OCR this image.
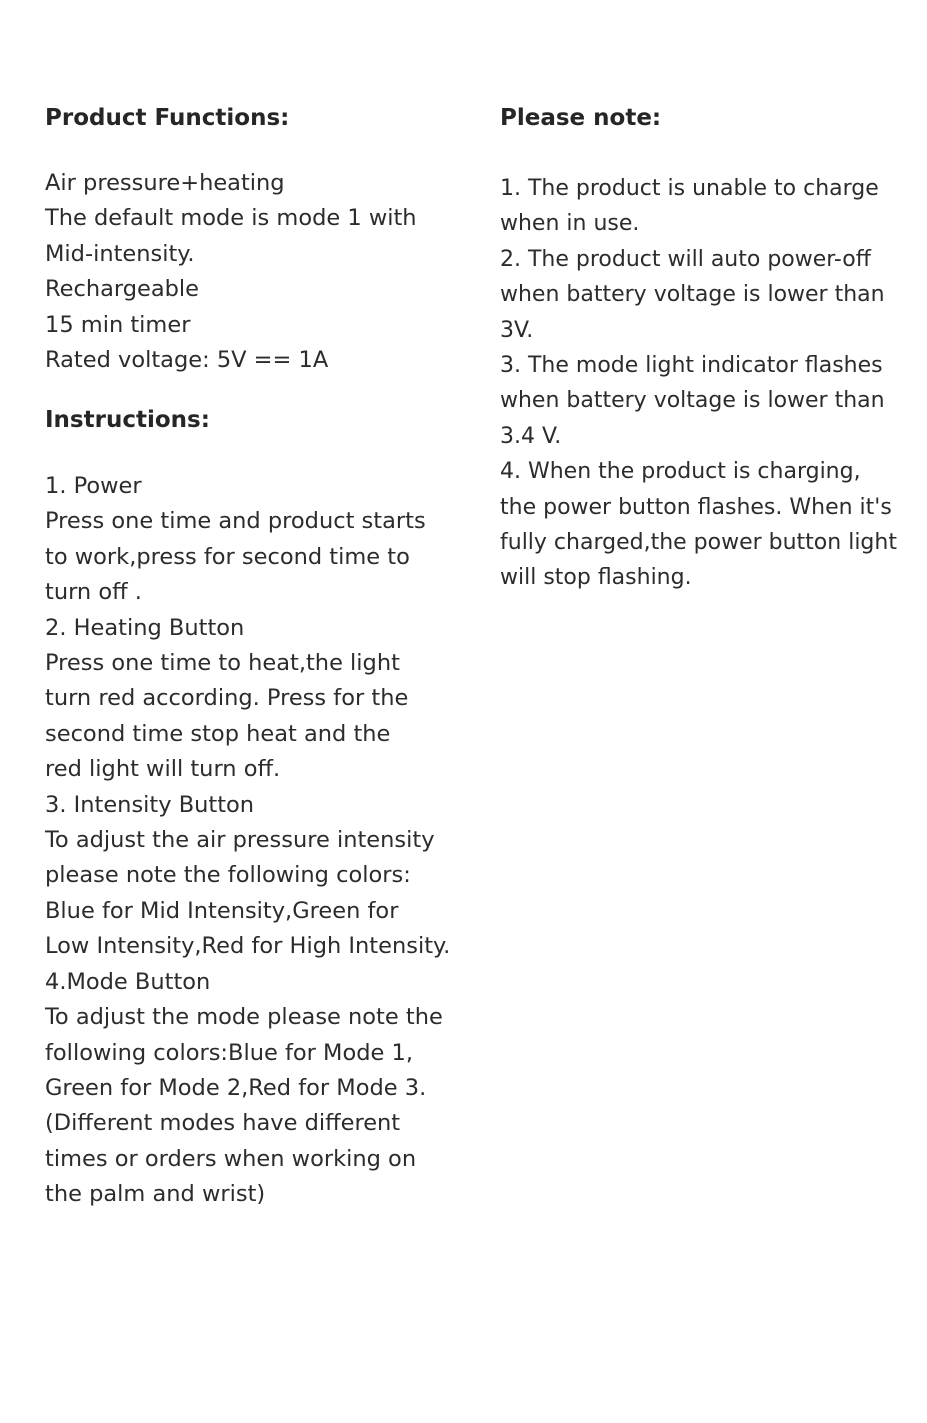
Product Functions:
Air pressure+heating
The default mode is mode 1 with
Mid-intensity.
Rechargeable
15 min timer
Rated voltage: 5V == 1A
Instructions:
1. Power
Press one time and product starts
to work,press for second time to
turn off .
2. Heating Button
Press one time to heat,the light
turn red according. Press for the
second time stop heat and the
red light will turn off.
3. Intensity Button
To adjust the air pressure intensity
please note the following colors:
Blue for Mid Intensity,Green for
Low Intensity,Red for High Intensity.
4.Mode Button
To adjust the mode please note the
following colors:Blue for Mode 1,
Green for Mode 2,Red for Mode 3.
(Different modes have different
times or orders when working on
the palm and wrist)
Please note:
1. The product is unable to charge
when in use.
2. The product will auto power-off
when battery voltage is lower than
3V.
3. The mode light indicator flashes
when battery voltage is lower than
3.4 V.
4. When the product is charging,
the power button flashes. When it's
fully charged,the power button light
will stop flashing.
